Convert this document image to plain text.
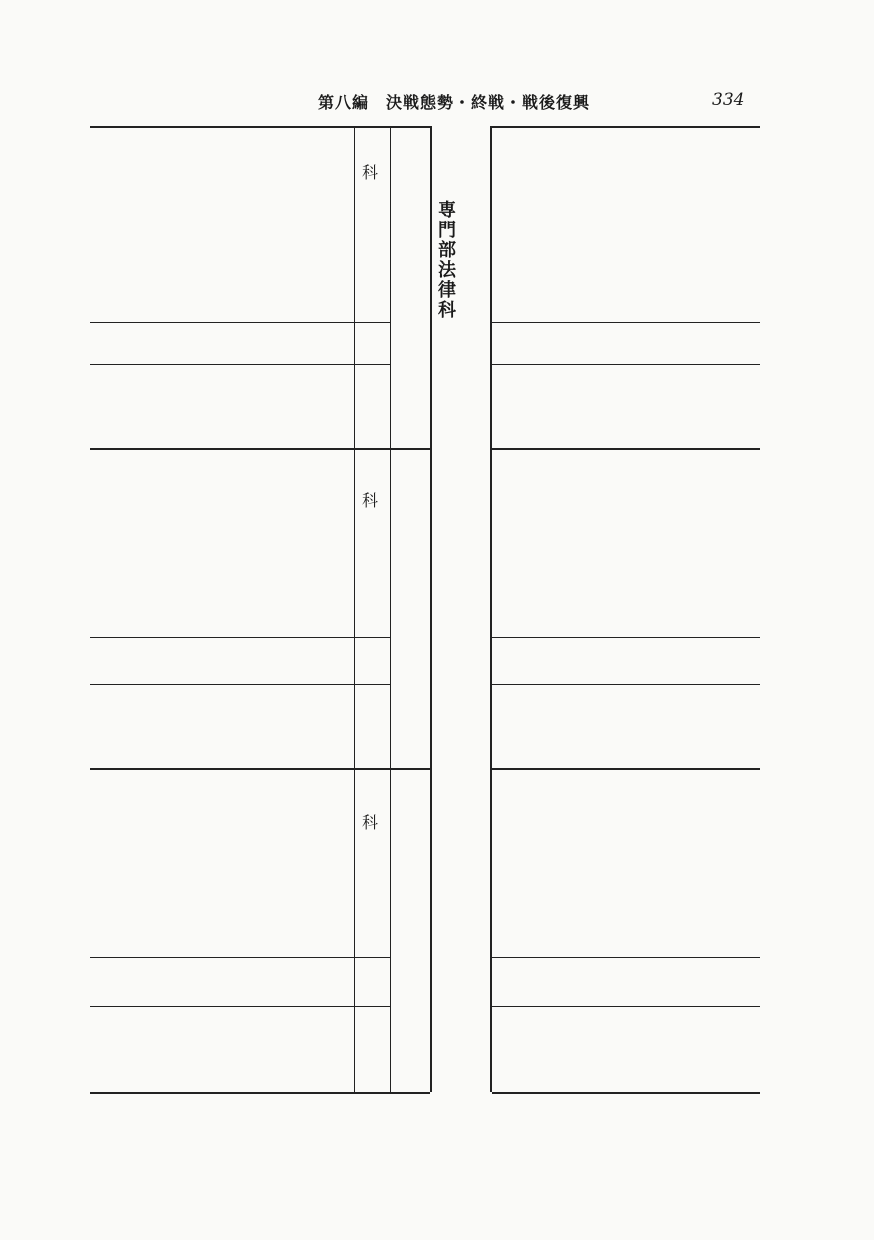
第八編　決戦態勢・終戦・戦後復興	334
専門部法律科
科
科
科
